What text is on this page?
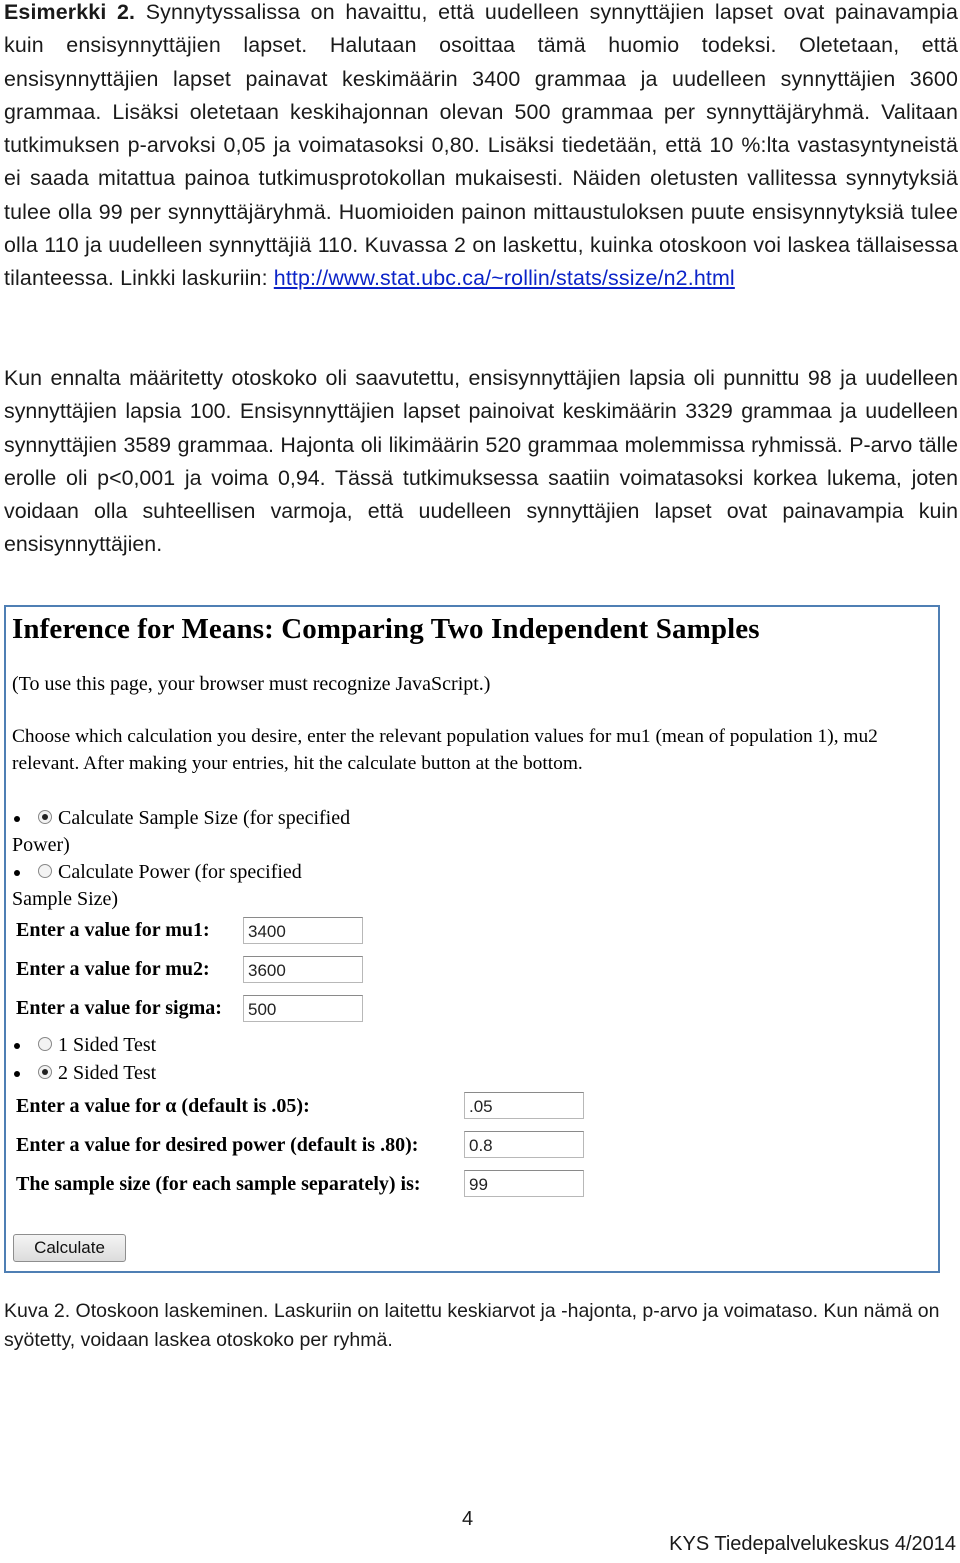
Esimerkki 2. Synnytyssalissa on havaittu, että uudelleen synnyttäjien lapset ovat painavampia kuin ensisynnyttäjien lapset. Halutaan osoittaa tämä huomio todeksi. Oletetaan, että ensisynnyttäjien lapset painavat keskimäärin 3400 grammaa ja uudelleen synnyttäjien 3600 grammaa. Lisäksi oletetaan keskihajonnan olevan 500 grammaa per synnyttäjäryhmä. Valitaan tutkimuksen p-arvoksi 0,05 ja voimatasoksi 0,80. Lisäksi tiedetään, että 10 %:lta vastasyntyneistä ei saada mitattua painoa tutkimusprotokollan mukaisesti. Näiden oletusten vallitessa synnytyksiä tulee olla 99 per synnyttäjäryhmä. Huomioiden painon mittaustuloksen puute ensisynnytyksiä tulee olla 110 ja uudelleen synnyttäjiä 110. Kuvassa 2 on laskettu, kuinka otoskoon voi laskea tällaisessa tilanteessa. Linkki laskuriin: http://www.stat.ubc.ca/~rollin/stats/ssize/n2.html

Kun ennalta määritetty otoskoko oli saavutettu, ensisynnyttäjien lapsia oli punnittu 98 ja uudelleen synnyttäjien lapsia 100. Ensisynnyttäjien lapset painoivat keskimäärin 3329 grammaa ja uudelleen synnyttäjien 3589 grammaa. Hajonta oli likimäärin 520 grammaa molemmissa ryhmissä. P-arvo tälle erolle oli p<0,001 ja voima 0,94. Tässä tutkimuksessa saatiin voimatasoksi korkea lukema, joten voidaan olla suhteellisen varmoja, että uudelleen synnyttäjien lapset ovat painavampia kuin ensisynnyttäjien.

Inference for Means: Comparing Two Independent Samples
(To use this page, your browser must recognize JavaScript.)
Choose which calculation you desire, enter the relevant population values for mu1 (mean of population 1), mu2
relevant. After making your entries, hit the calculate button at the bottom.
Calculate Sample Size (for specified
Power)
Calculate Power (for specified
Sample Size)
Enter a value for mu1: 3400
Enter a value for mu2: 3600
Enter a value for sigma: 500
1 Sided Test
2 Sided Test
Enter a value for α (default is .05):	.05
Enter a value for desired power (default is .80):	0.8
The sample size (for each sample separately) is:	99
Calculate

Kuva 2. Otoskoon laskeminen. Laskuriin on laitettu keskiarvot ja -hajonta, p-arvo ja voimataso. Kun nämä on syötetty, voidaan laskea otoskoko per ryhmä.

4
KYS Tiedepalvelukeskus 4/2014
